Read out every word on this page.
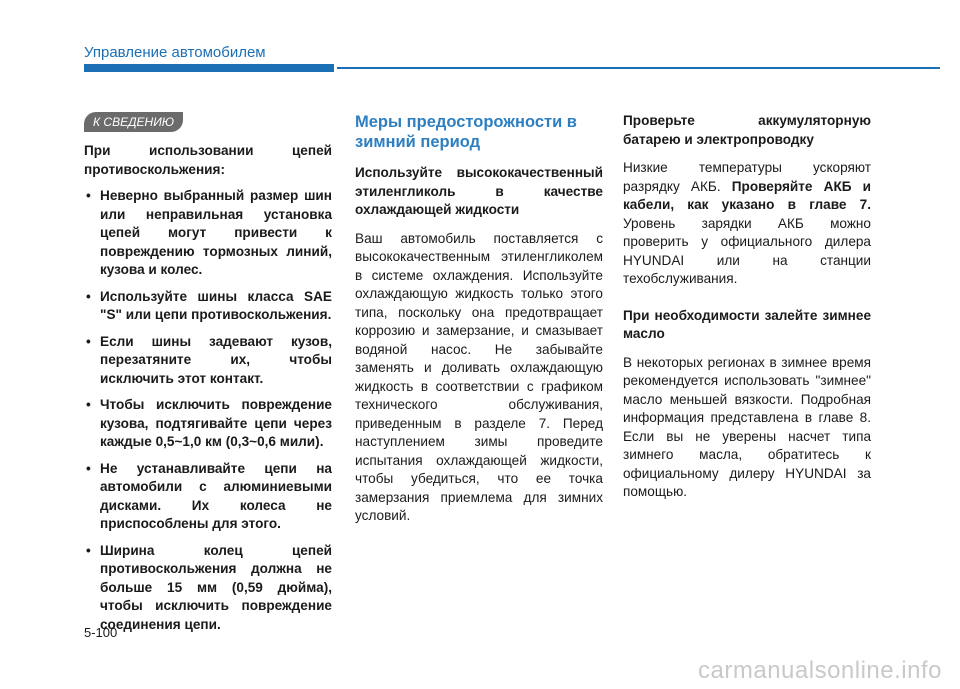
Управление автомобилем
К СВЕДЕНИЮ

При использовании цепей противоскольжения:

• Неверно выбранный размер шин или неправильная установка цепей могут привести к повреждению тормозных линий, кузова и колес.
• Используйте шины класса SAE "S" или цепи противоскольжения.
• Если шины задевают кузов, перезатяните их, чтобы исключить этот контакт.
• Чтобы исключить повреждение кузова, подтягивайте цепи через каждые 0,5~1,0 км (0,3~0,6 мили).
• Не устанавливайте цепи на автомобили с алюминиевыми дисками. Их колеса не приспособлены для этого.
• Ширина колец цепей противоскольжения должна не больше 15 мм (0,59 дюйма), чтобы исключить повреждение соединения цепи.
Меры предосторожности в зимний период

Используйте высококачественный этиленгликоль в качестве охлаждающей жидкости

Ваш автомобиль поставляется с высококачественным этиленгликолем в системе охлаждения. Используйте охлаждающую жидкость только этого типа, поскольку она предотвращает коррозию и замерзание, и смазывает водяной насос. Не забывайте заменять и доливать охлаждающую жидкость в соответствии с графиком технического обслуживания, приведенным в разделе 7. Перед наступлением зимы проведите испытания охлаждающей жидкости, чтобы убедиться, что ее точка замерзания приемлема для зимних условий.

Проверьте аккумуляторную батарею и электропроводку

Низкие температуры ускоряют разрядку АКБ. Проверяйте АКБ и кабели, как указано в главе 7. Уровень зарядки АКБ можно проверить у официального дилера HYUNDAI или на станции техобслуживания.

При необходимости залейте зимнее масло

В некоторых регионах в зимнее время рекомендуется использовать "зимнее" масло меньшей вязкости. Подробная информация представлена в главе 8. Если вы не уверены насчет типа зимнего масла, обратитесь к официальному дилеру HYUNDAI за помощью.

5-100
carmanualsonline.info
